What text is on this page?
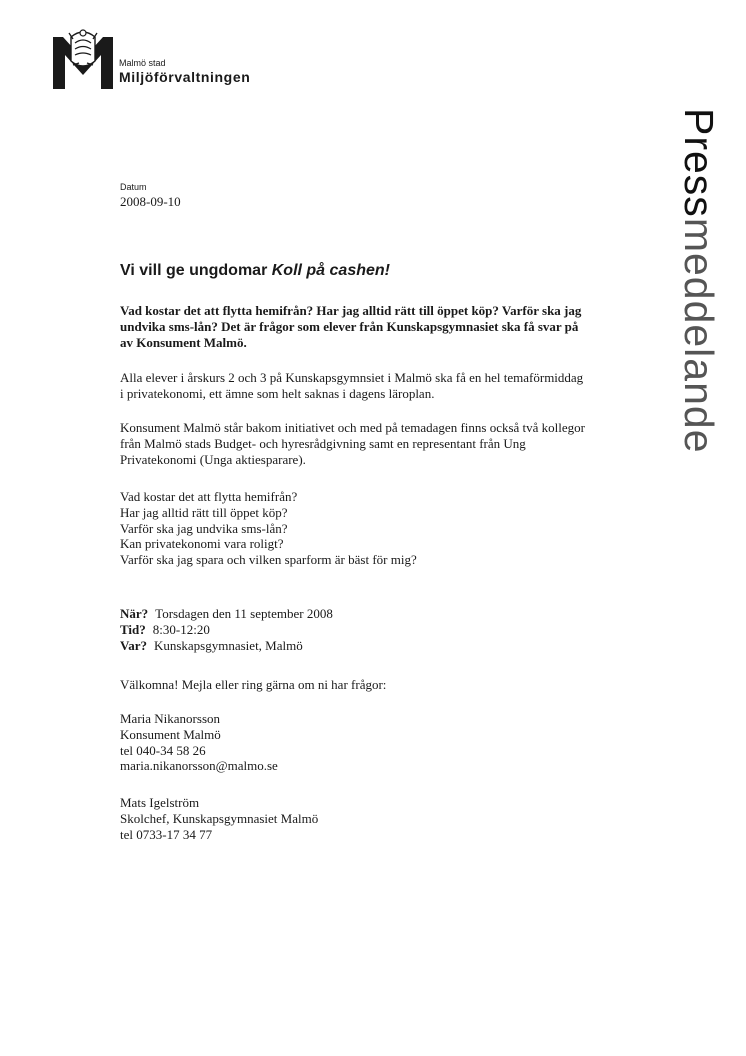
Malmö stad
Miljöförvaltningen
Pressmeddelande
Datum
2008-09-10
Vi vill ge ungdomar Koll på cashen!

Vad kostar det att flytta hemifrån? Har jag alltid rätt till öppet köp? Varför ska jag undvika sms-lån? Det är frågor som elever från Kunskapsgymnasiet ska få svar på av Konsument Malmö.

Alla elever i årskurs 2 och 3 på Kunskapsgymnsiet i Malmö ska få en hel temaförmiddag i privatekonomi, ett ämne som helt saknas i dagens läroplan.

Konsument Malmö står bakom initiativet och med på temadagen finns också två kollegor från Malmö stads Budget- och hyresrådgivning samt en representant från Ung Privatekonomi (Unga aktiesparare).

Vad kostar det att flytta hemifrån?
Har jag alltid rätt till öppet köp?
Varför ska jag undvika sms-lån?
Kan privatekonomi vara roligt?
Varför ska jag spara och vilken sparform är bäst för mig?
När? Torsdagen den 11 september 2008
Tid? 8:30-12:20
Var? Kunskapsgymnasiet, Malmö

Välkomna! Mejla eller ring gärna om ni har frågor:

Maria Nikanorsson
Konsument Malmö
tel 040-34 58 26
maria.nikanorsson@malmo.se
Mats Igelström
Skolchef, Kunskapsgymnasiet Malmö
tel 0733-17 34 77
